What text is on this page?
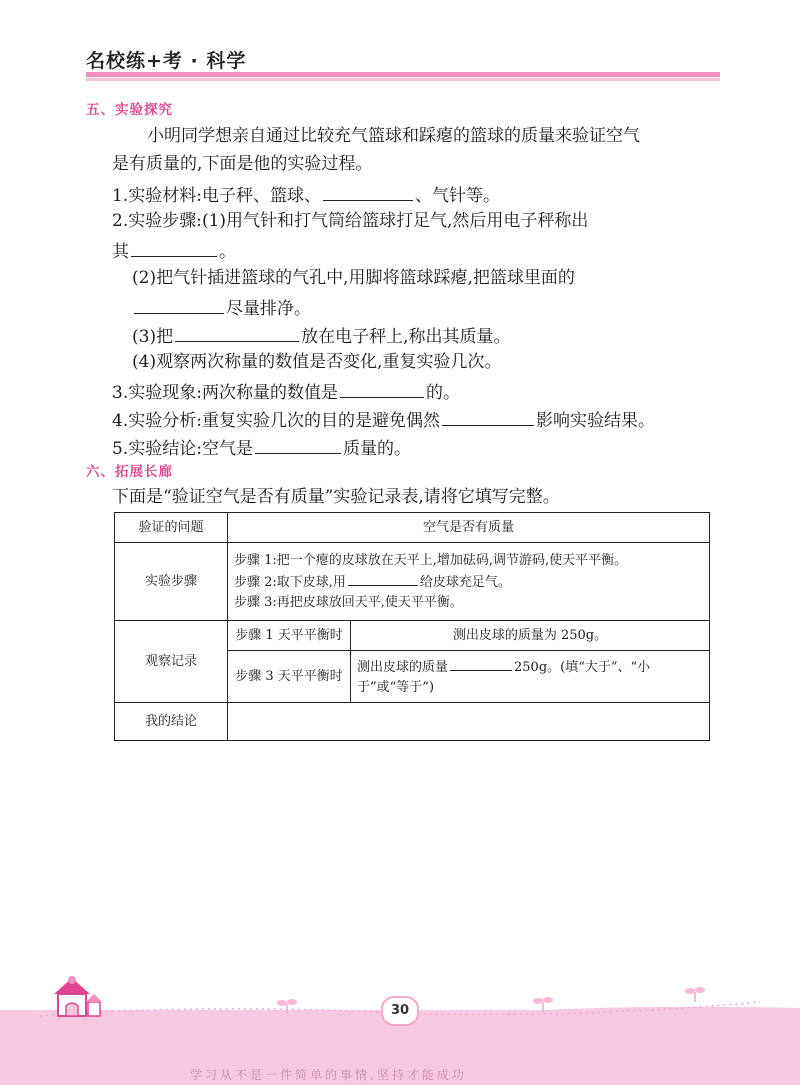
名校练+考 · 科学
五、实验探究
小明同学想亲自通过比较充气篮球和踩瘪的篮球的质量来验证空气
是有质量的,下面是他的实验过程。
1.实验材料:电子秤、篮球、	、气针等。
2.实验步骤:(1)用气针和打气筒给篮球打足气,然后用电子秤称出
其	。
(2)把气针插进篮球的气孔中,用脚将篮球踩瘪,把篮球里面的
尽量排净。
(3)把	放在电子秤上,称出其质量。
(4)观察两次称量的数值是否变化,重复实验几次。
3.实验现象:两次称量的数值是	的。
4.实验分析:重复实验几次的目的是避免偶然	影响实验结果。
5.实验结论:空气是	质量的。
六、拓展长廊
下面是“验证空气是否有质量”实验记录表,请将它填写完整。
验证的问题	空气是否有质量	
实验步骤	步骤 1:把一个瘪的皮球放在天平上,增加砝码,调节游码,使天平平衡。
步骤 2:取下皮球,用 给皮球充足气。
步骤 3:再把皮球放回天平,使天平平衡。	

观察记录	步骤 1 天平平衡时	测出皮球的质量为 250g。
	步骤 3 天平平衡时	测出皮球的质量 250g。(填“大于”、“小
于”或“等于”)

我的结论		
30
学习从不是一件简单的事情,坚持才能成功
